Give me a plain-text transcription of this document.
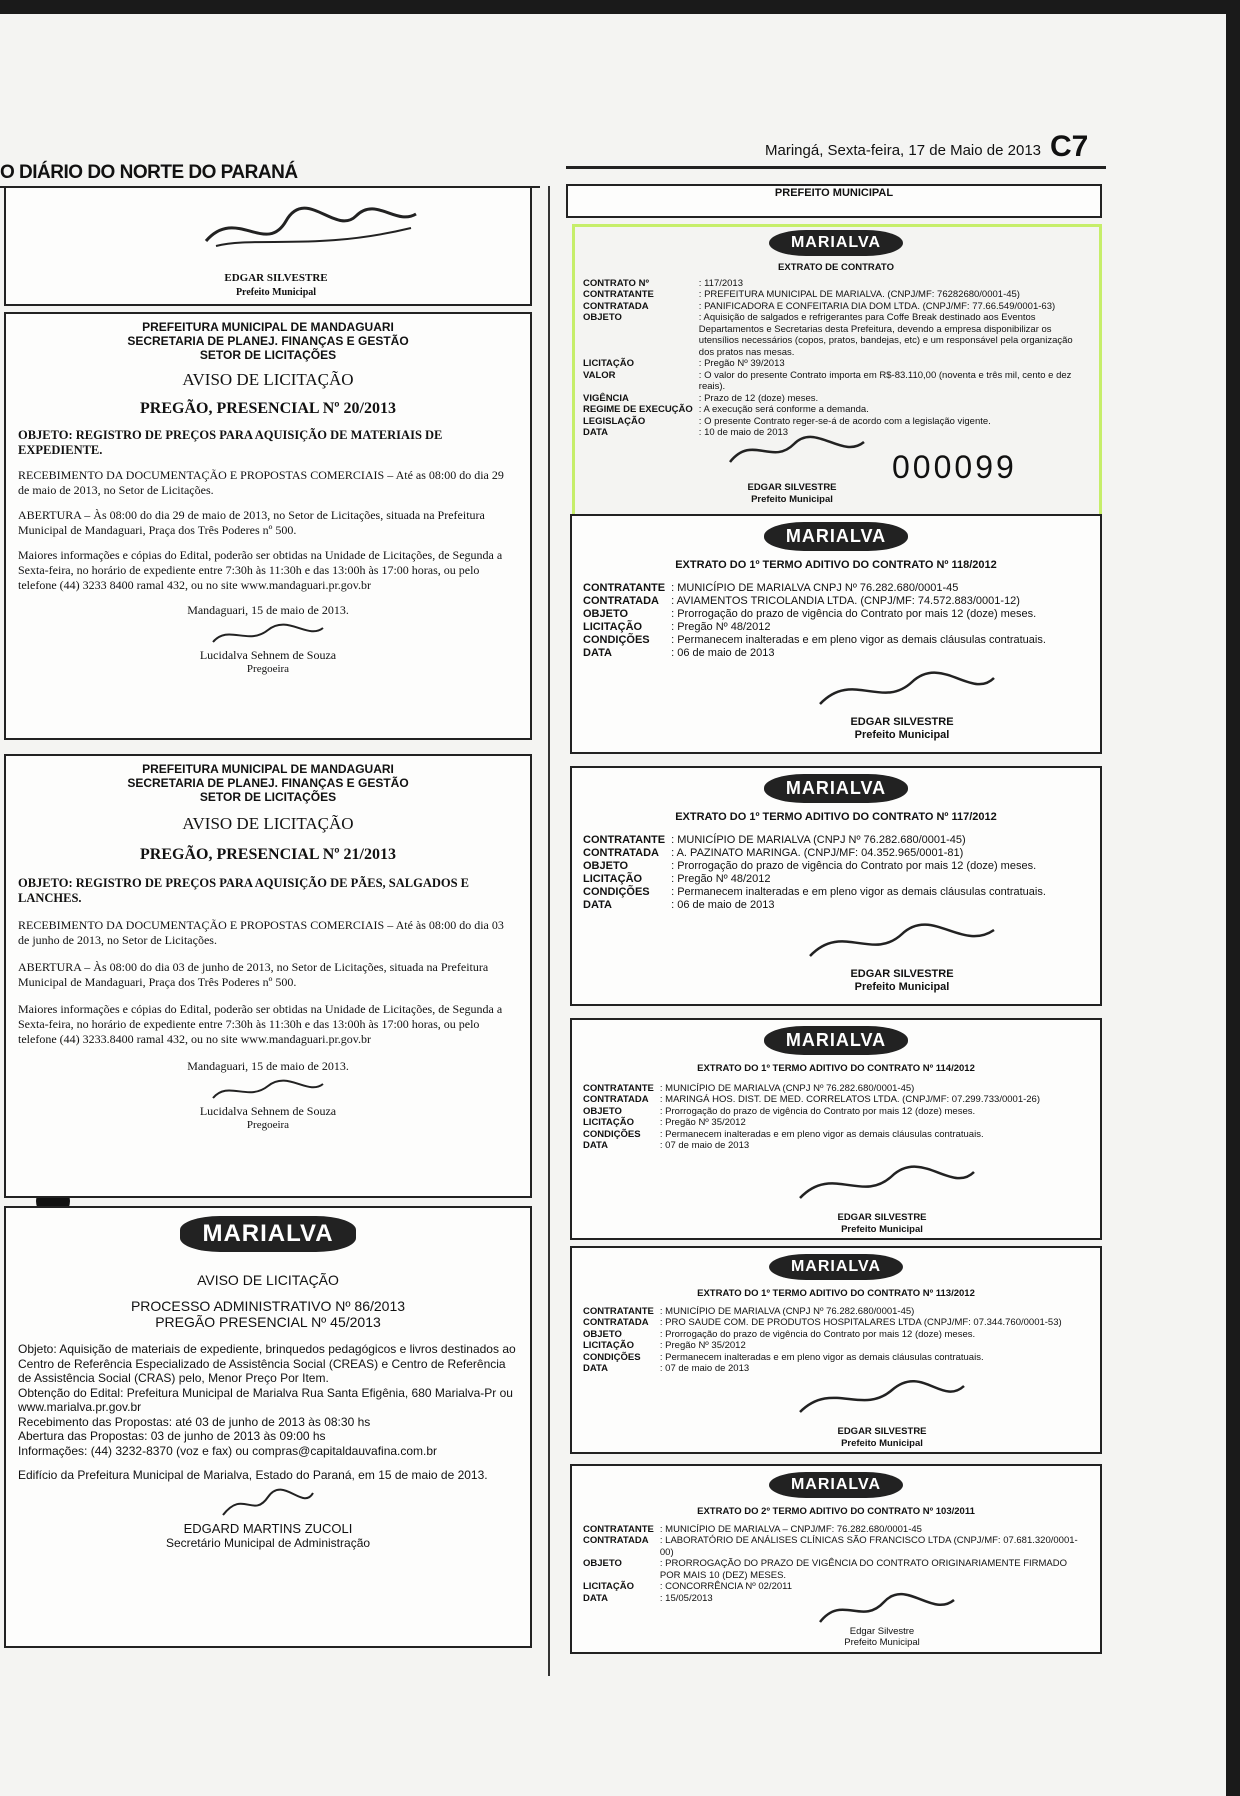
O DIÁRIO DO NORTE DO PARANÁ
Maringá, Sexta-feira, 17 de Maio de 2013 C7
EDGAR SILVESTRE
Prefeito Municipal
PREFEITURA MUNICIPAL DE MANDAGUARI
SECRETARIA DE PLANEJ. FINANÇAS E GESTÃO
SETOR DE LICITAÇÕES
AVISO DE LICITAÇÃO
PREGÃO, PRESENCIAL Nº 20/2013
OBJETO: REGISTRO DE PREÇOS PARA AQUISIÇÃO DE MATERIAIS DE EXPEDIENTE.
RECEBIMENTO DA DOCUMENTAÇÃO E PROPOSTAS COMERCIAIS – Até as 08:00 do dia 29 de maio de 2013, no Setor de Licitações.
ABERTURA – Às 08:00 do dia 29 de maio de 2013, no Setor de Licitações, situada na Prefeitura Municipal de Mandaguari, Praça dos Três Poderes nº 500.
Maiores informações e cópias do Edital, poderão ser obtidas na Unidade de Licitações, de Segunda a Sexta-feira, no horário de expediente entre 7:30h às 11:30h e das 13:00h às 17:00 horas, ou pelo telefone (44) 3233 8400 ramal 432, ou no site www.mandaguari.pr.gov.br
Mandaguari, 15 de maio de 2013.
Lucidalva Sehnem de Souza
Pregoeira
PREFEITURA MUNICIPAL DE MANDAGUARI
SECRETARIA DE PLANEJ. FINANÇAS E GESTÃO
SETOR DE LICITAÇÕES
AVISO DE LICITAÇÃO
PREGÃO, PRESENCIAL Nº 21/2013
OBJETO: REGISTRO DE PREÇOS PARA AQUISIÇÃO DE PÃES, SALGADOS E LANCHES.
RECEBIMENTO DA DOCUMENTAÇÃO E PROPOSTAS COMERCIAIS – Até às 08:00 do dia 03 de junho de 2013, no Setor de Licitações.
ABERTURA – Às 08:00 do dia 03 de junho de 2013, no Setor de Licitações, situada na Prefeitura Municipal de Mandaguari, Praça dos Três Poderes nº 500.
Maiores informações e cópias do Edital, poderão ser obtidas na Unidade de Licitações, de Segunda a Sexta-feira, no horário de expediente entre 7:30h às 11:30h e das 13:00h às 17:00 horas, ou pelo telefone (44) 3233.8400 ramal 432, ou no site www.mandaguari.pr.gov.br
Mandaguari, 15 de maio de 2013.
Lucidalva Sehnem de Souza
Pregoeira
MARIALVA
AVISO DE LICITAÇÃO
PROCESSO ADMINISTRATIVO Nº 86/2013
PREGÃO PRESENCIAL Nº 45/2013
Objeto: Aquisição de materiais de expediente, brinquedos pedagógicos e livros destinados ao Centro de Referência Especializado de Assistência Social (CREAS) e Centro de Referência de Assistência Social (CRAS) pelo, Menor Preço Por Item.
Obtenção do Edital: Prefeitura Municipal de Marialva Rua Santa Efigênia, 680 Marialva-Pr ou www.marialva.pr.gov.br
Recebimento das Propostas: até 03 de junho de 2013 às 08:30 hs
Abertura das Propostas: 03 de junho de 2013 às 09:00 hs
Informações: (44) 3232-8370 (voz e fax) ou compras@capitaldauvafina.com.br
Edifício da Prefeitura Municipal de Marialva, Estado do Paraná, em 15 de maio de 2013.
EDGARD MARTINS ZUCOLI
Secretário Municipal de Administração
PREFEITO MUNICIPAL
MARIALVA
EXTRATO DE CONTRATO
CONTRATO Nº	: 117/2013
CONTRATANTE	: PREFEITURA MUNICIPAL DE MARIALVA. (CNPJ/MF: 76282680/0001-45)
CONTRATADA	: PANIFICADORA E CONFEITARIA DIA DOM LTDA. (CNPJ/MF: 77.66.549/0001-63)
OBJETO	: Aquisição de salgados e refrigerantes para Coffe Break destinado aos Eventos Departamentos e Secretarias desta Prefeitura, devendo a empresa disponibilizar os utensílios necessários (copos, pratos, bandejas, etc) e um responsável pela organização dos pratos nas mesas.
LICITAÇÃO	: Pregão Nº 39/2013
VALOR	: O valor do presente Contrato importa em R$-83.110,00 (noventa e três mil, cento e dez reais).
VIGÊNCIA	: Prazo de 12 (doze) meses.
REGIME DE EXECUÇÃO	: A execução será conforme a demanda.
LEGISLAÇÃO	: O presente Contrato reger-se-á de acordo com a legislação vigente.
DATA	: 10 de maio de 2013
000099
EDGAR SILVESTRE
Prefeito Municipal
MARIALVA
EXTRATO DO 1º TERMO ADITIVO DO CONTRATO Nº 118/2012
CONTRATANTE	: MUNICÍPIO DE MARIALVA CNPJ Nº 76.282.680/0001-45
CONTRATADA	: AVIAMENTOS TRICOLANDIA LTDA. (CNPJ/MF: 74.572.883/0001-12)
OBJETO	: Prorrogação do prazo de vigência do Contrato por mais 12 (doze) meses.
LICITAÇÃO	: Pregão Nº 48/2012
CONDIÇÕES	: Permanecem inalteradas e em pleno vigor as demais cláusulas contratuais.
DATA	: 06 de maio de 2013
EDGAR SILVESTRE
Prefeito Municipal
MARIALVA
EXTRATO DO 1º TERMO ADITIVO DO CONTRATO Nº 117/2012
CONTRATANTE	: MUNICÍPIO DE MARIALVA (CNPJ Nº 76.282.680/0001-45)
CONTRATADA	: A. PAZINATO MARINGA. (CNPJ/MF: 04.352.965/0001-81)
OBJETO	: Prorrogação do prazo de vigência do Contrato por mais 12 (doze) meses.
LICITAÇÃO	: Pregão Nº 48/2012
CONDIÇÕES	: Permanecem inalteradas e em pleno vigor as demais cláusulas contratuais.
DATA	: 06 de maio de 2013
EDGAR SILVESTRE
Prefeito Municipal
MARIALVA
EXTRATO DO 1º TERMO ADITIVO DO CONTRATO Nº 114/2012
CONTRATANTE	: MUNICÍPIO DE MARIALVA (CNPJ Nº 76.282.680/0001-45)
CONTRATADA	: MARINGÁ HOS. DIST. DE MED. CORRELATOS LTDA. (CNPJ/MF: 07.299.733/0001-26)
OBJETO	: Prorrogação do prazo de vigência do Contrato por mais 12 (doze) meses.
LICITAÇÃO	: Pregão Nº 35/2012
CONDIÇÕES	: Permanecem inalteradas e em pleno vigor as demais cláusulas contratuais.
DATA	: 07 de maio de 2013
EDGAR SILVESTRE
Prefeito Municipal
MARIALVA
EXTRATO DO 1º TERMO ADITIVO DO CONTRATO Nº 113/2012
CONTRATANTE	: MUNICÍPIO DE MARIALVA (CNPJ Nº 76.282.680/0001-45)
CONTRATADA	: PRO SAUDE COM. DE PRODUTOS HOSPITALARES LTDA (CNPJ/MF: 07.344.760/0001-53)
OBJETO	: Prorrogação do prazo de vigência do Contrato por mais 12 (doze) meses.
LICITAÇÃO	: Pregão Nº 35/2012
CONDIÇÕES	: Permanecem inalteradas e em pleno vigor as demais cláusulas contratuais.
DATA	: 07 de maio de 2013
EDGAR SILVESTRE
Prefeito Municipal
MARIALVA
EXTRATO DO 2º TERMO ADITIVO DO CONTRATO Nº 103/2011
CONTRATANTE	: MUNICÍPIO DE MARIALVA – CNPJ/MF: 76.282.680/0001-45
CONTRATADA	: LABORATÓRIO DE ANÁLISES CLÍNICAS SÃO FRANCISCO LTDA (CNPJ/MF: 07.681.320/0001-00)
OBJETO	: PRORROGAÇÃO DO PRAZO DE VIGÊNCIA DO CONTRATO ORIGINARIAMENTE FIRMADO POR MAIS 10 (DEZ) MESES.
LICITAÇÃO	: CONCORRÊNCIA Nº 02/2011
DATA	: 15/05/2013
Edgar Silvestre
Prefeito Municipal
